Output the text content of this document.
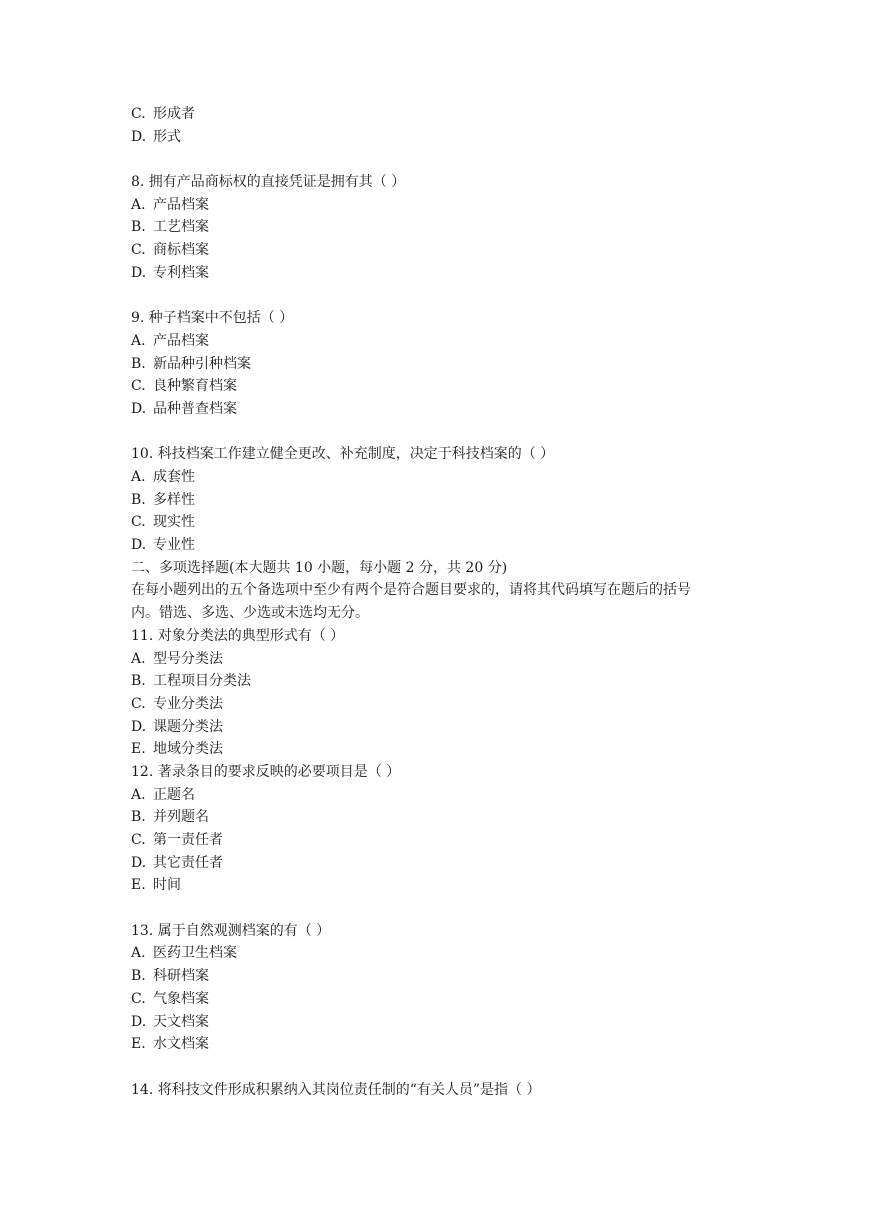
C. 形成者
D. 形式
8. 拥有产品商标权的直接凭证是拥有其（ ）
A. 产品档案
B. 工艺档案
C. 商标档案
D. 专利档案
9. 种子档案中不包括（ ）
A. 产品档案
B. 新品种引种档案
C. 良种繁育档案
D. 品种普查档案
10. 科技档案工作建立健全更改、补充制度，决定于科技档案的（ ）
A. 成套性
B. 多样性
C. 现实性
D. 专业性
二、多项选择题(本大题共 10 小题，每小题 2 分，共 20 分)
在每小题列出的五个备选项中至少有两个是符合题目要求的，请将其代码填写在题后的括号
内。错选、多选、少选或未选均无分。
11. 对象分类法的典型形式有（ ）
A. 型号分类法
B. 工程项目分类法
C. 专业分类法
D. 课题分类法
E. 地域分类法
12. 著录条目的要求反映的必要项目是（ ）
A. 正题名
B. 并列题名
C. 第一责任者
D. 其它责任者
E. 时间
13. 属于自然观测档案的有（ ）
A. 医药卫生档案
B. 科研档案
C. 气象档案
D. 天文档案
E. 水文档案
14. 将科技文件形成积累纳入其岗位责任制的“有关人员”是指（ ）
